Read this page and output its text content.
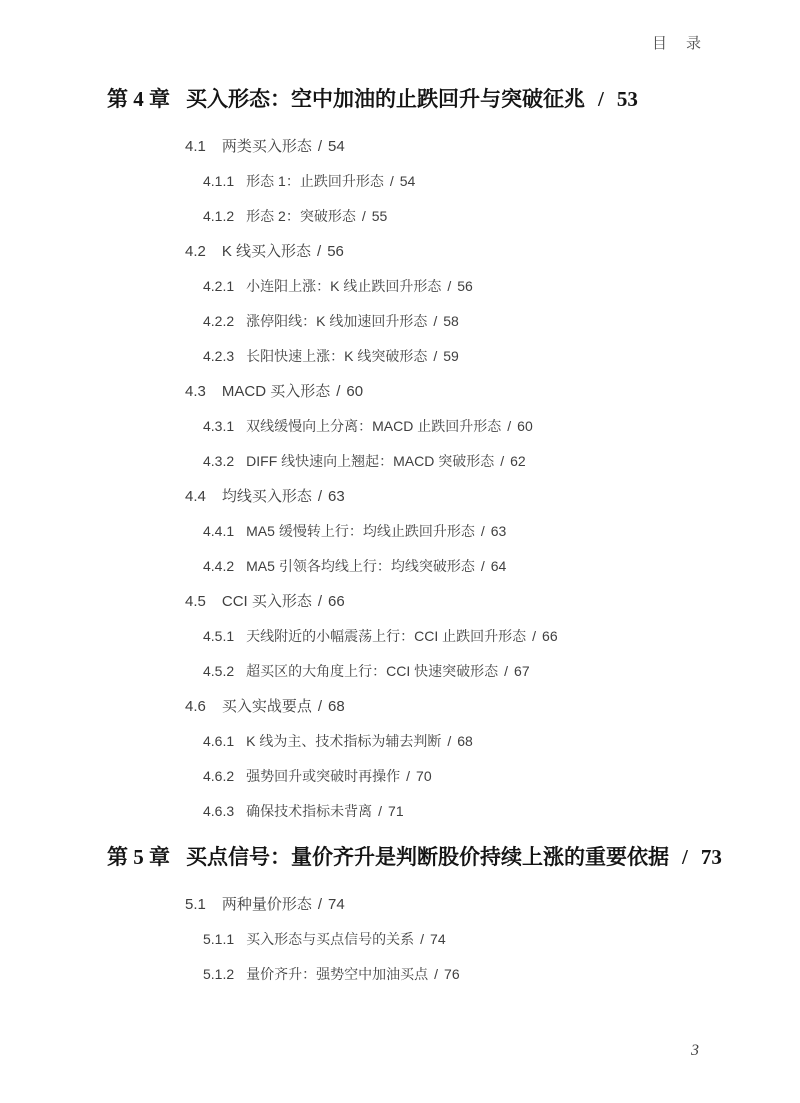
目　录
第 4 章 买入形态：空中加油的止跌回升与突破征兆 / 53
4.1 两类买入形态 / 54
4.1.1 形态 1：止跌回升形态 / 54
4.1.2 形态 2：突破形态 / 55
4.2 K 线买入形态 / 56
4.2.1 小连阳上涨：K 线止跌回升形态 / 56
4.2.2 涨停阳线：K 线加速回升形态 / 58
4.2.3 长阳快速上涨：K 线突破形态 / 59
4.3 MACD 买入形态 / 60
4.3.1 双线缓慢向上分离：MACD 止跌回升形态 / 60
4.3.2 DIFF 线快速向上翘起：MACD 突破形态 / 62
4.4 均线买入形态 / 63
4.4.1 MA5 缓慢转上行：均线止跌回升形态 / 63
4.4.2 MA5 引领各均线上行：均线突破形态 / 64
4.5 CCI 买入形态 / 66
4.5.1 天线附近的小幅震荡上行：CCI 止跌回升形态 / 66
4.5.2 超买区的大角度上行：CCI 快速突破形态 / 67
4.6 买入实战要点 / 68
4.6.1 K 线为主、技术指标为辅去判断 / 68
4.6.2 强势回升或突破时再操作 / 70
4.6.3 确保技术指标未背离 / 71
第 5 章 买点信号：量价齐升是判断股价持续上涨的重要依据 / 73
5.1 两种量价形态 / 74
5.1.1 买入形态与买点信号的关系 / 74
5.1.2 量价齐升：强势空中加油买点 / 76
3
